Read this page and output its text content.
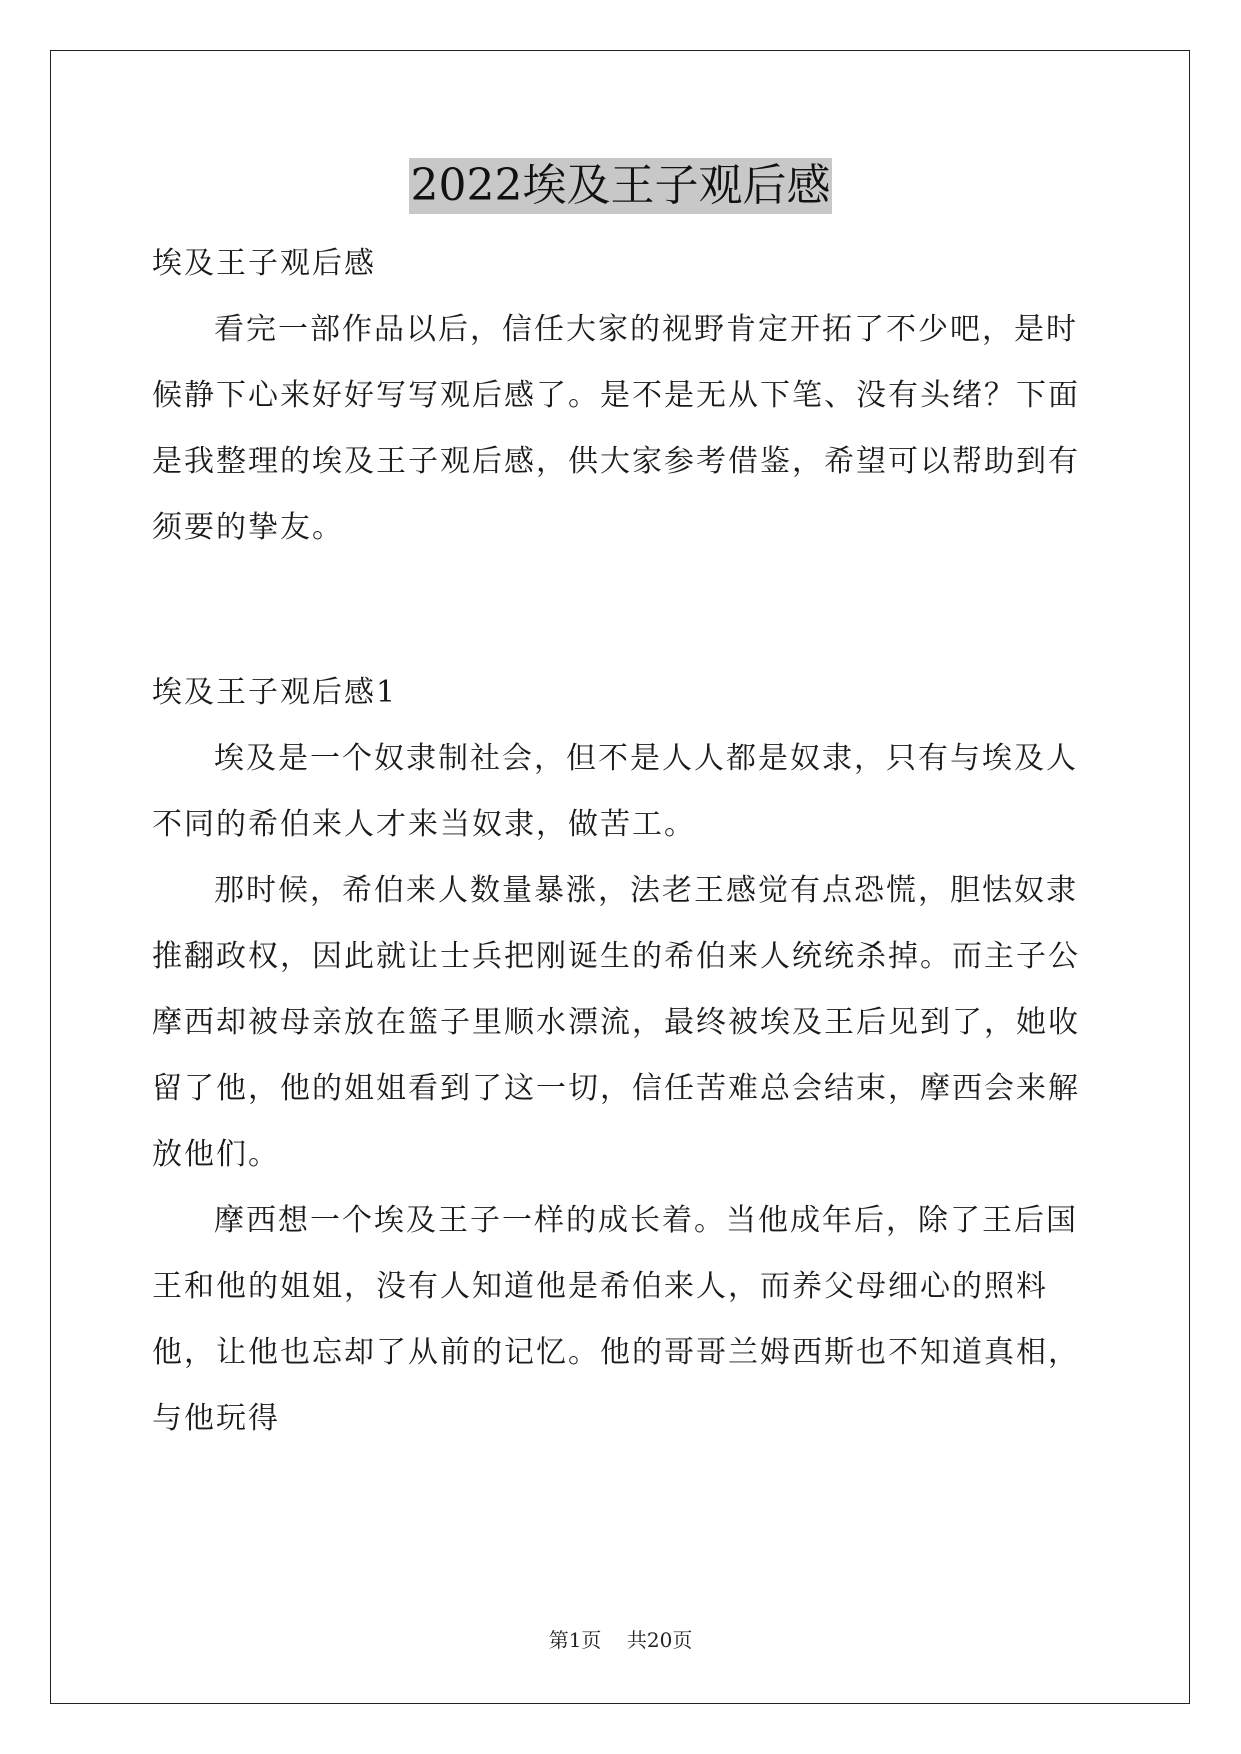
2022埃及王子观后感

埃及王子观后感

看完一部作品以后，信任大家的视野肯定开拓了不少吧，是时候静下心来好好写写观后感了。是不是无从下笔、没有头绪？下面是我整理的埃及王子观后感，供大家参考借鉴，希望可以帮助到有须要的挚友。

埃及王子观后感1

埃及是一个奴隶制社会，但不是人人都是奴隶，只有与埃及人不同的希伯来人才来当奴隶，做苦工。

那时候，希伯来人数量暴涨，法老王感觉有点恐慌，胆怯奴隶推翻政权，因此就让士兵把刚诞生的希伯来人统统杀掉。而主子公摩西却被母亲放在篮子里顺水漂流，最终被埃及王后见到了，她收留了他，他的姐姐看到了这一切，信任苦难总会结束，摩西会来解放他们。

摩西想一个埃及王子一样的成长着。当他成年后，除了王后国王和他的姐姐，没有人知道他是希伯来人，而养父母细心的照料他，让他也忘却了从前的记忆。他的哥哥兰姆西斯也不知道真相，与他玩得

第1页 共20页
